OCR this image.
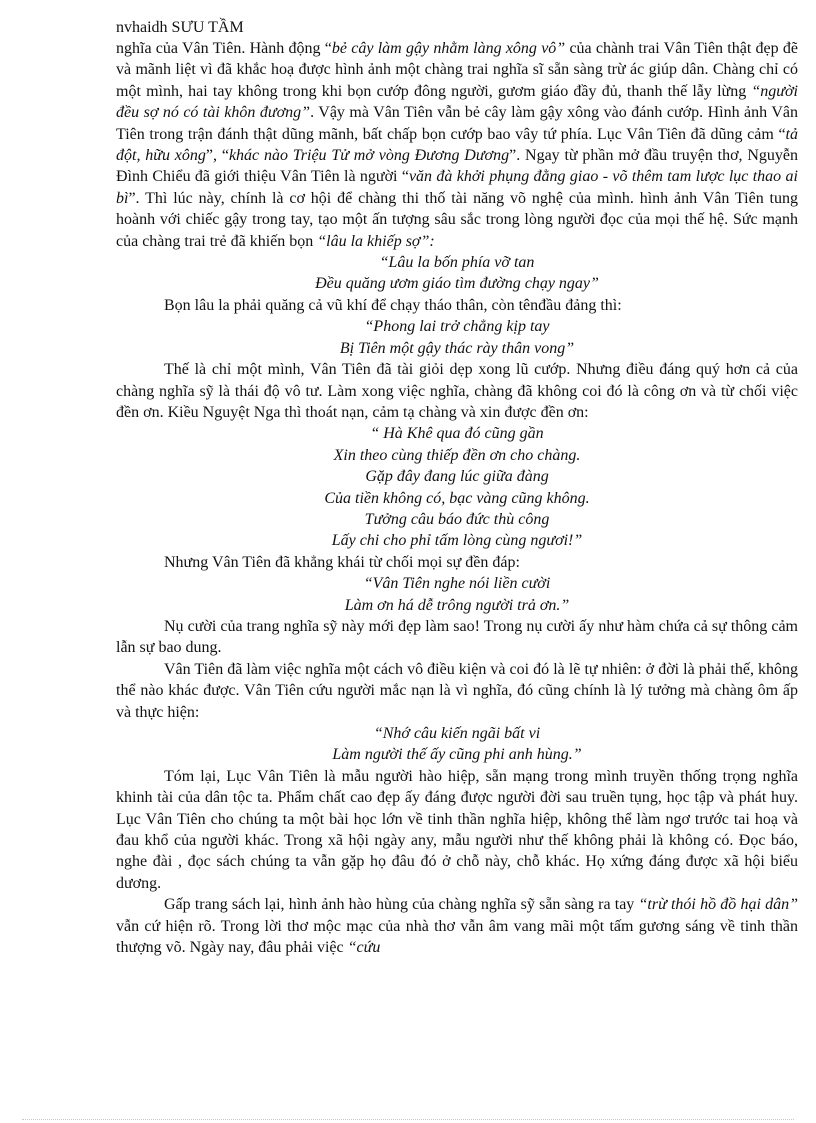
nvhaidh SƯU TẦM

nghĩa của Vân Tiên. Hành động “bẻ cây làm gậy nhằm làng xông vô” của chành trai Vân Tiên thật đẹp đẽ và mãnh liệt vì đã khắc hoạ được hình ảnh một chàng trai nghĩa sĩ sẵn sàng trừ ác giúp dân. Chàng chỉ có một mình, hai tay không trong khi bọn cướp đông người, gươm giáo đầy đủ, thanh thế lẫy lừng “người đều sợ nó có tài khôn đương”. Vậy mà Vân Tiên vẫn bẻ cây làm gậy xông vào đánh cướp. Hình ảnh Vân Tiên trong trận đánh thật dũng mãnh, bất chấp bọn cướp bao vây tứ phía. Lục Vân Tiên đã dũng cảm “tả đột, hữu xông”, “khác nào Triệu Tử mở vòng Đương Dương”. Ngay từ phần mở đầu truyện thơ, Nguyễn Đình Chiểu đã giới thiệu Vân Tiên là người “văn đà khởi phụng đằng giao - võ thêm tam lược lục thao ai bì”. Thì lúc này, chính là cơ hội để chàng thi thố tài năng võ nghệ của mình. hình ảnh Vân Tiên tung hoành với chiếc gậy trong tay, tạo một ấn tượng sâu sắc trong lòng người đọc của mọi thế hệ. Sức mạnh của chàng trai trẻ đã khiến bọn “lâu la khiếp sợ”:

“Lâu la bốn phía vỡ tan

Đều quăng ươm giáo tìm đường chạy ngay”

Bọn lâu la phải quăng cả vũ khí để chạy tháo thân, còn tênđầu đảng thì:

“Phong lai trở chẳng kịp tay

Bị Tiên một gậy thác rày thân vong”

Thế là chỉ một mình, Vân Tiên đã tài giỏi dẹp xong lũ cướp. Nhưng điều đáng quý hơn cả của chàng nghĩa sỹ là thái độ vô tư. Làm xong việc nghĩa, chàng đã không coi đó là công ơn và từ chối việc đền ơn. Kiều Nguyệt Nga thì thoát nạn, cảm tạ chàng và xin được đền ơn:

“ Hà Khê qua đó cũng gần

Xin theo cùng thiếp đền ơn cho chàng.

Gặp đây đang lúc giữa đàng

Của tiền không có, bạc vàng cũng không.

Tưởng câu báo đức thù công

Lấy chi cho phỉ tấm lòng cùng ngươi!”

Nhưng Vân Tiên đã khẳng khái từ chối mọi sự đền đáp:

“Vân Tiên nghe nói liền cười

Làm ơn há dễ trông người trả ơn.”

Nụ cười của trang nghĩa sỹ này mới đẹp làm sao! Trong nụ cười ấy như hàm chứa cả sự thông cảm lẫn sự bao dung.

Vân Tiên đã làm việc nghĩa một cách vô điều kiện và coi đó là lẽ tự nhiên: ở đời là phải thế, không thể nào khác được. Vân Tiên cứu người mắc nạn là vì nghĩa, đó cũng chính là lý tưởng mà chàng ôm ấp và thực hiện:

“Nhớ câu kiến ngãi bất vi

Làm người thế ấy cũng phi anh hùng.”

Tóm lại, Lục Vân Tiên là mẫu người hào hiệp, sẵn mạng trong mình truyền thống trọng nghĩa khinh tài của dân tộc ta. Phẩm chất cao đẹp ấy đáng được người đời sau truền tụng, học tập và phát huy. Lục Vân Tiên cho chúng ta một bài học lớn về tinh thần nghĩa hiệp, không thể làm ngơ trước tai hoạ và đau khổ của người khác. Trong xã hội ngày any, mẫu người như thế không phải là không có. Đọc báo, nghe đài , đọc sách chúng ta vẫn gặp họ đâu đó ở chỗ này, chỗ khác. Họ xứng đáng được xã hội biểu dương.

Gấp trang sách lại, hình ảnh hào hùng của chàng nghĩa sỹ sẵn sàng ra tay “trừ thói hồ đồ hại dân” vẫn cứ hiện rõ. Trong lời thơ mộc mạc của nhà thơ vẫn âm vang mãi một tấm gương sáng về tinh thần thượng võ. Ngày nay, đâu phải việc “cứu
